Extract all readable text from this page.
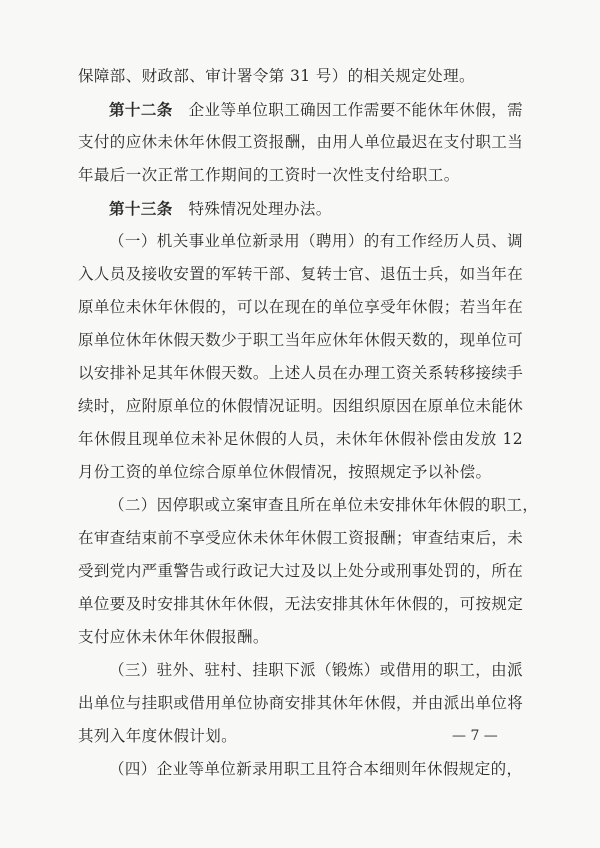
保障部、财政部、审计署令第 31 号）的相关规定处理。
第十二条  企业等单位职工确因工作需要不能休年休假，需
支付的应休未休年休假工资报酬，由用人单位最迟在支付职工当
年最后一次正常工作期间的工资时一次性支付给职工。
第十三条  特殊情况处理办法。
（一）机关事业单位新录用（聘用）的有工作经历人员、调
入人员及接收安置的军转干部、复转士官、退伍士兵，如当年在
原单位未休年休假的，可以在现在的单位享受年休假；若当年在
原单位休年休假天数少于职工当年应休年休假天数的，现单位可
以安排补足其年休假天数。上述人员在办理工资关系转移接续手
续时，应附原单位的休假情况证明。因组织原因在原单位未能休
年休假且现单位未补足休假的人员，未休年休假补偿由发放 12
月份工资的单位综合原单位休假情况，按照规定予以补偿。
（二）因停职或立案审查且所在单位未安排休年休假的职工，
在审查结束前不享受应休未休年休假工资报酬；审查结束后，未
受到党内严重警告或行政记大过及以上处分或刑事处罚的，所在
单位要及时安排其休年休假，无法安排其休年休假的，可按规定
支付应休未休年休假报酬。
（三）驻外、驻村、挂职下派（锻炼）或借用的职工，由派
出单位与挂职或借用单位协商安排其休年休假，并由派出单位将
其列入年度休假计划。
（四）企业等单位新录用职工且符合本细则年休假规定的，
— 7 —
